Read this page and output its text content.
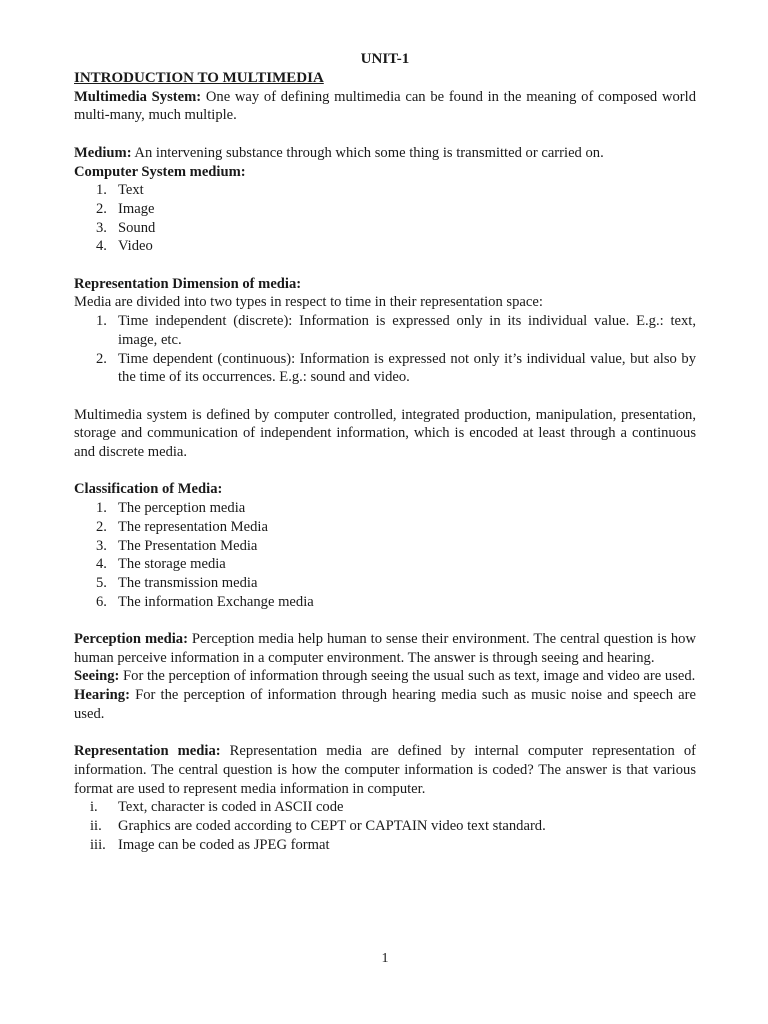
UNIT-1
INTRODUCTION TO MULTIMEDIA

Multimedia System: One way of defining multimedia can be found in the meaning of composed world multi-many, much multiple.

Medium: An intervening substance through which some thing is transmitted or carried on.

Computer System medium:

1. Text
2. Image
3. Sound
4. Video

Representation Dimension of media:

Media are divided into two types in respect to time in their representation space:

1. Time independent (discrete): Information is expressed only in its individual value. E.g.: text, image, etc.
2. Time dependent (continuous): Information is expressed not only it’s individual value, but also by the time of its occurrences. E.g.: sound and video.

Multimedia system is defined by computer controlled, integrated production, manipulation, presentation, storage and communication of independent information, which is encoded at least through a continuous and discrete media.

Classification of Media:

1. The perception media
2. The representation Media
3. The Presentation Media
4. The storage media
5. The transmission media
6. The information Exchange media

Perception media: Perception media help human to sense their environment. The central question is how human perceive information in a computer environment. The answer is through seeing and hearing.

Seeing: For the perception of information through seeing the usual such as text, image and video are used.

Hearing: For the perception of information through hearing media such as music noise and speech are used.

Representation media: Representation media are defined by internal computer representation of information. The central question is how the computer information is coded? The answer is that various format are used to represent media information in computer.

i.	Text, character is coded in ASCII code
ii.	Graphics are coded according to CEPT or CAPTAIN video text standard.
iii. Image can be coded as JPEG format
1
